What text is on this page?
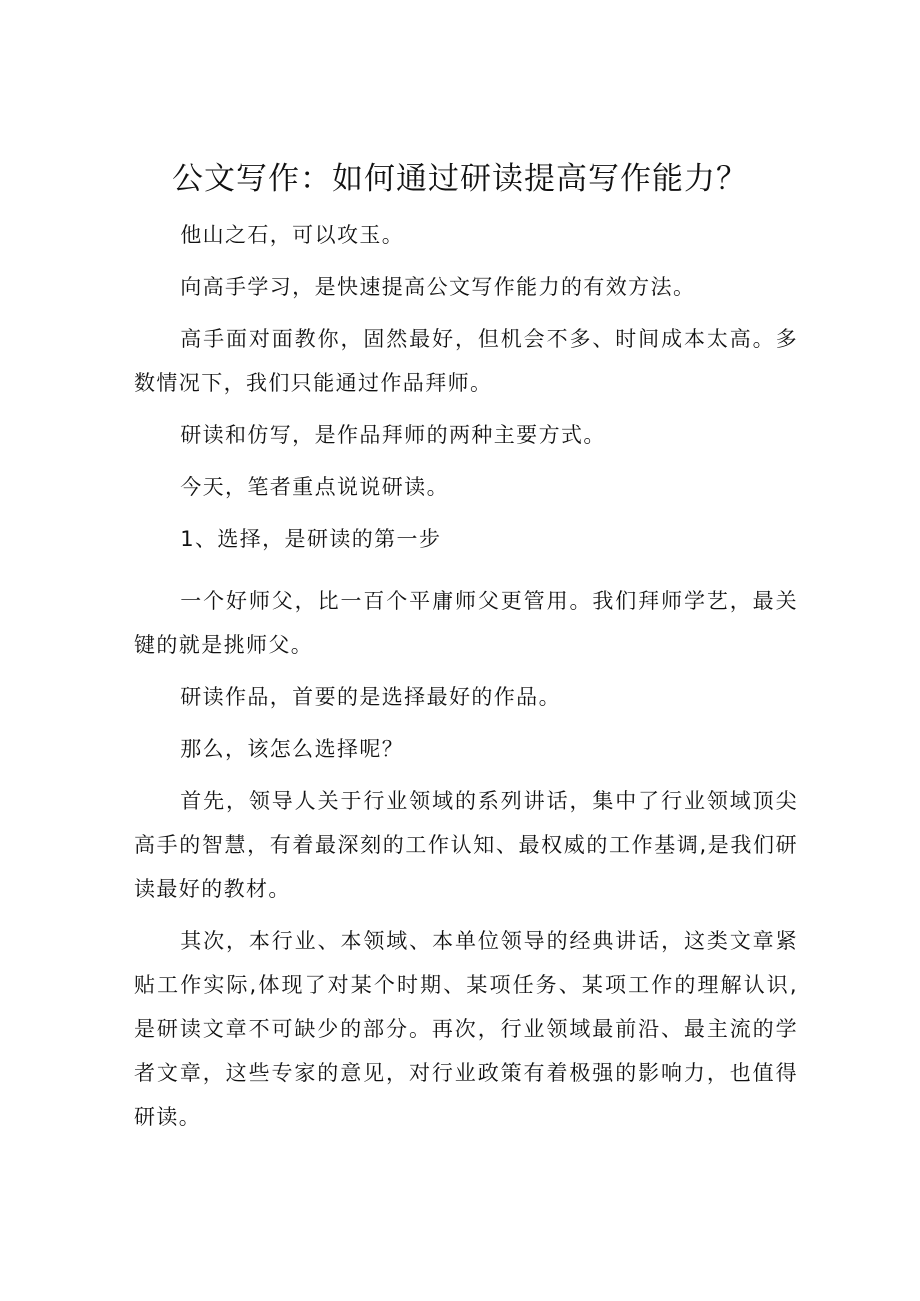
公文写作：如何通过研读提高写作能力？

他山之石，可以攻玉。

向高手学习，是快速提高公文写作能力的有效方法。

高手面对面教你，固然最好，但机会不多、时间成本太高。多数情况下，我们只能通过作品拜师。

研读和仿写，是作品拜师的两种主要方式。

今天，笔者重点说说研读。

1、选择，是研读的第一步

一个好师父，比一百个平庸师父更管用。我们拜师学艺，最关键的就是挑师父。

研读作品，首要的是选择最好的作品。

那么，该怎么选择呢？

首先，领导人关于行业领域的系列讲话，集中了行业领域顶尖高手的智慧，有着最深刻的工作认知、最权威的工作基调,是我们研读最好的教材。

其次，本行业、本领域、本单位领导的经典讲话，这类文章紧贴工作实际,体现了对某个时期、某项任务、某项工作的理解认识,是研读文章不可缺少的部分。再次，行业领域最前沿、最主流的学者文章，这些专家的意见，对行业政策有着极强的影响力，也值得研读。
